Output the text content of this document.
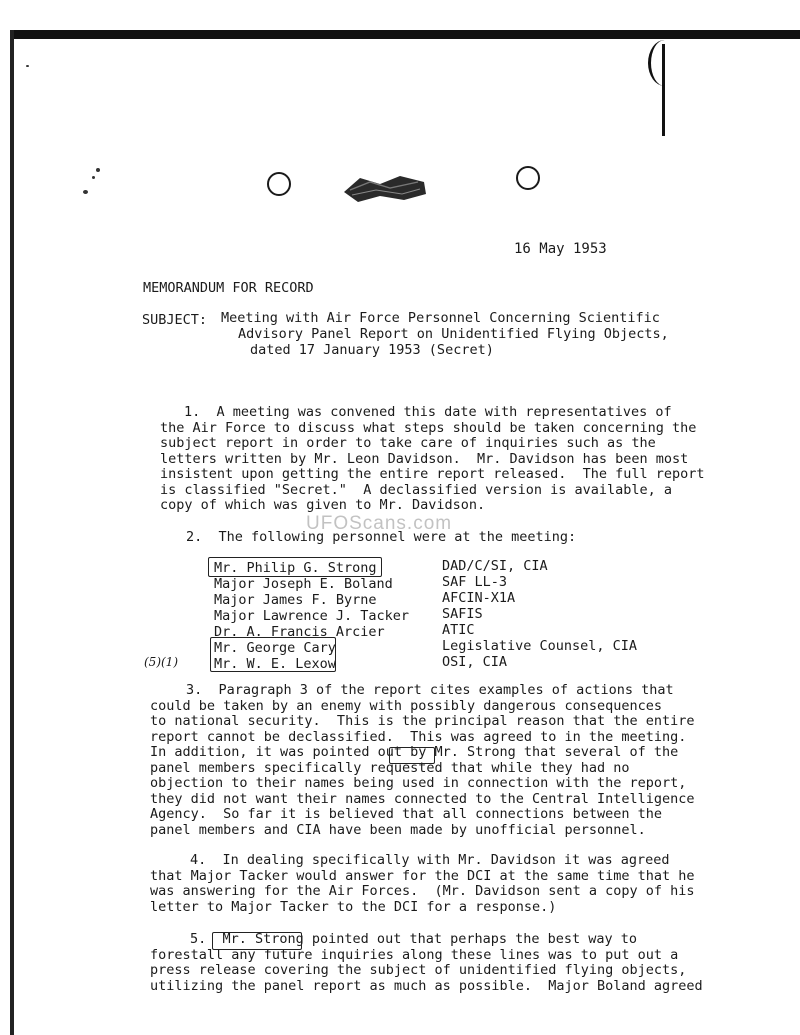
16 May 1953
MEMORANDUM FOR RECORD
SUBJECT: Meeting with Air Force Personnel Concerning Scientific
Advisory Panel Report on Unidentified Flying Objects,
dated 17 January 1953 (Secret)
1.  A meeting was convened this date with representatives of
the Air Force to discuss what steps should be taken concerning the
subject report in order to take care of inquiries such as the
letters written by Mr. Leon Davidson.  Mr. Davidson has been most
insistent upon getting the entire report released.  The full report
is classified "Secret."  A declassified version is available, a
copy of which was given to Mr. Davidson.
2.  The following personnel were at the meeting:
UFOScans.com
Mr. Philip G. Strong	DAD/C/SI, CIA
Major Joseph E. Boland	SAF LL-3
Major James F. Byrne	AFCIN-X1A
Major Lawrence J. Tacker SAFIS
Dr. A. Francis Arcier	ATIC
Mr. George Cary	Legislative Counsel, CIA
Mr. W. E. Lexow	OSI, CIA
(5)(1)
3.  Paragraph 3 of the report cites examples of actions that
could be taken by an enemy with possibly dangerous consequences
to national security.  This is the principal reason that the entire
report cannot be declassified.  This was agreed to in the meeting.
In addition, it was pointed out by Mr. Strong that several of the
panel members specifically requested that while they had no
objection to their names being used in connection with the report,
they did not want their names connected to the Central Intelligence
Agency.  So far it is believed that all connections between the
panel members and CIA have been made by unofficial personnel.
4.  In dealing specifically with Mr. Davidson it was agreed
that Major Tacker would answer for the DCI at the same time that he
was answering for the Air Forces.  (Mr. Davidson sent a copy of his
letter to Major Tacker to the DCI for a response.)
5.  Mr. Strong pointed out that perhaps the best way to
forestall any future inquiries along these lines was to put out a
press release covering the subject of unidentified flying objects,
utilizing the panel report as much as possible.  Major Boland agreed
